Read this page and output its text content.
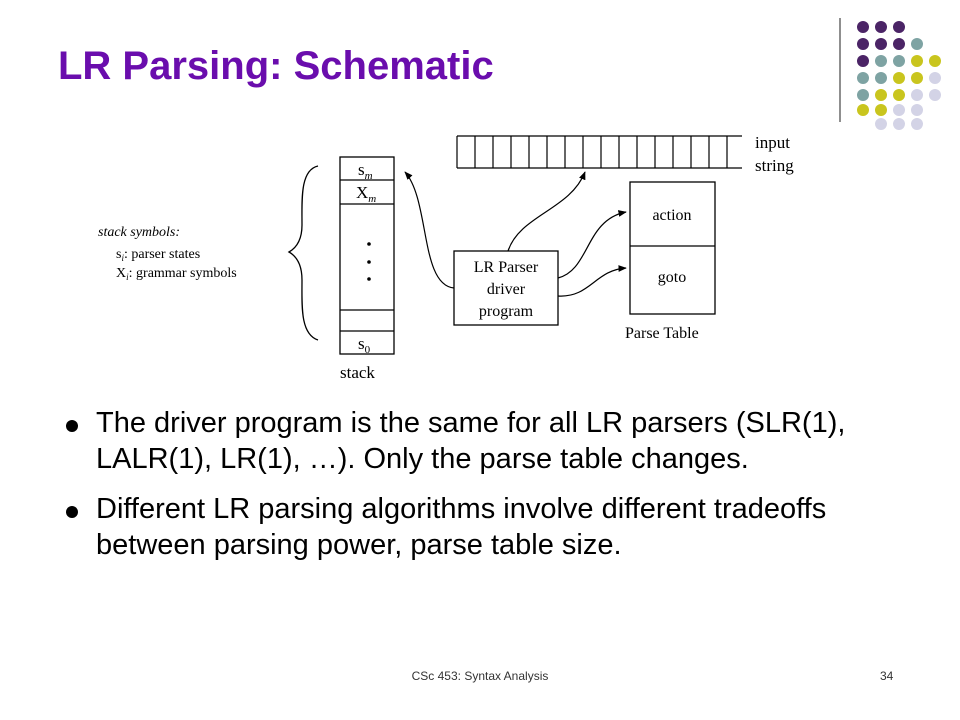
LR Parsing: Schematic
input
string
$s_m$
$X_m$
$s_0$
stack
stack symbols:
$s_i$: parser states
$X_i$: grammar symbols	LR Parser
driver
program
action
goto
Parse Table
The driver program is the same for all LR parsers (SLR(1), LALR(1), LR(1), …). Only the parse table changes.
Different LR parsing algorithms involve different tradeoffs between parsing power, parse table size.
CSc 453: Syntax Analysis	34
